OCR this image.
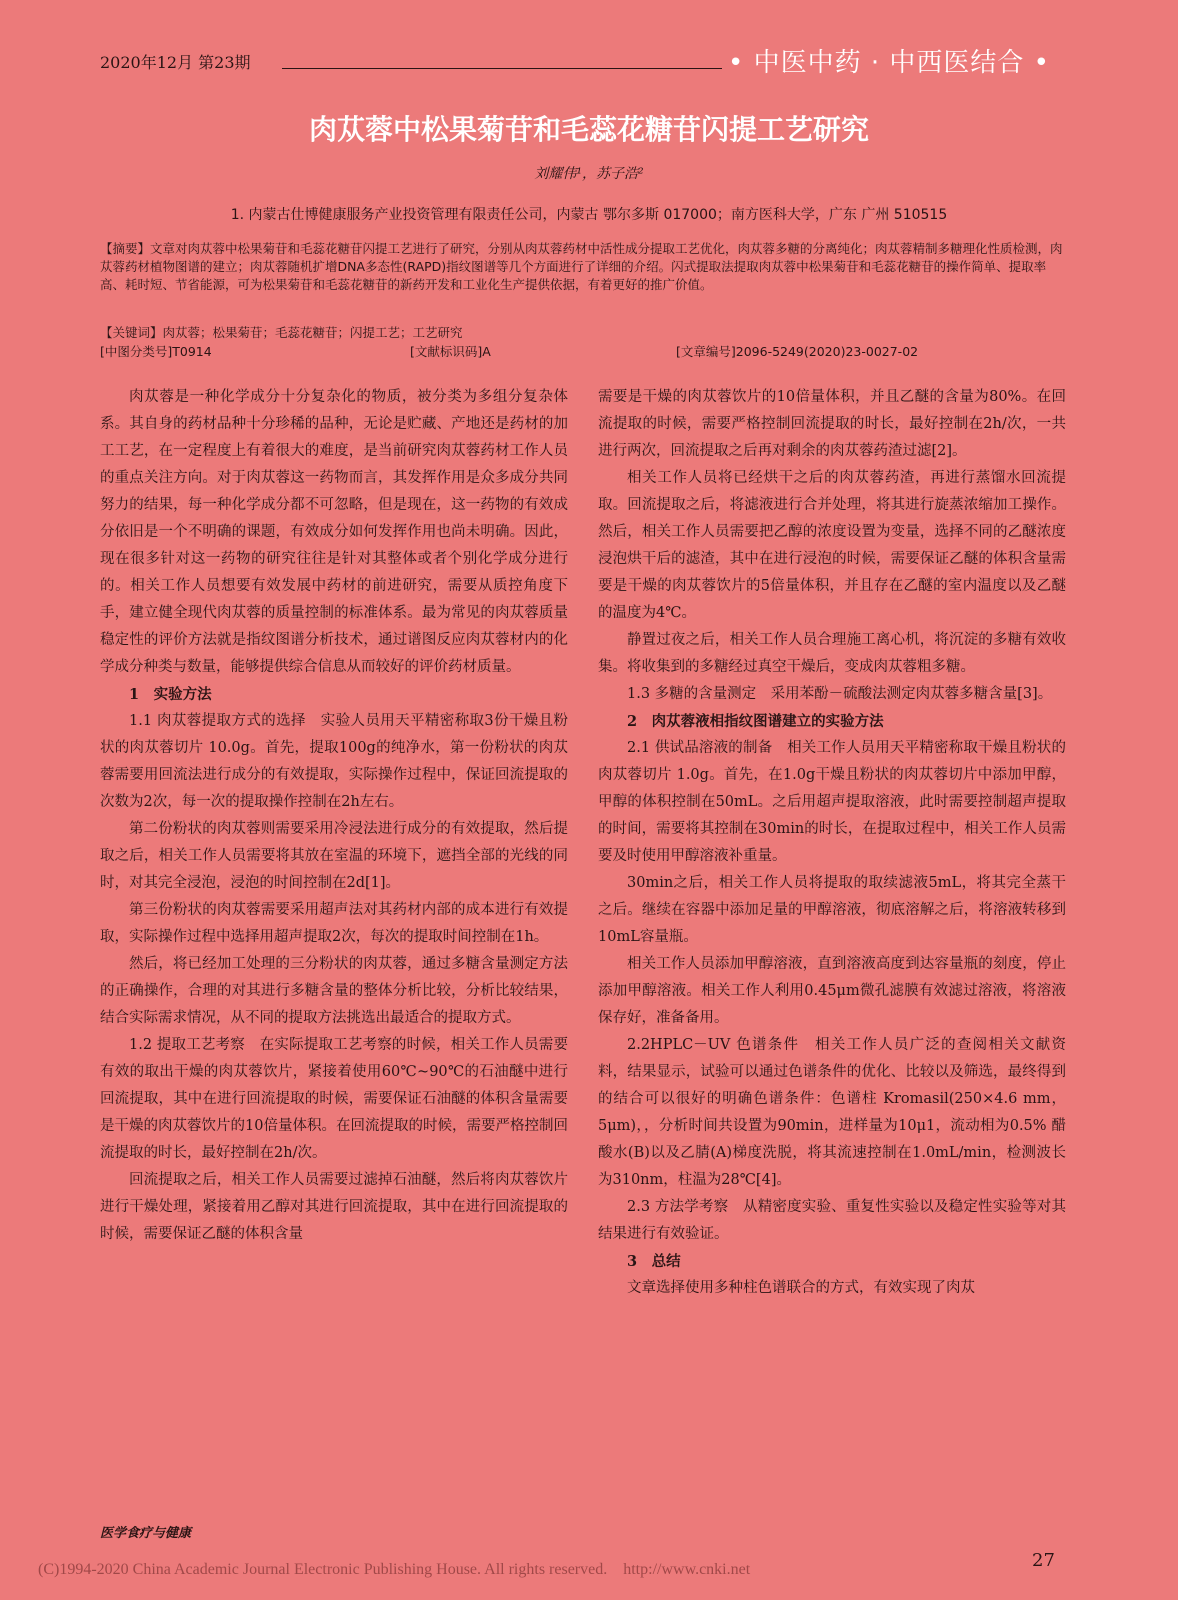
2020年12月 第23期	• 中医中药 · 中西医结合 •
肉苁蓉中松果菊苷和毛蕊花糖苷闪提工艺研究
刘耀伟¹，苏子浩²
1. 内蒙古仕博健康服务产业投资管理有限责任公司，内蒙古 鄂尔多斯 017000；南方医科大学，广东 广州 510515
【摘要】文章对肉苁蓉中松果菊苷和毛蕊花糖苷闪提工艺进行了研究，分别从肉苁蓉药材中活性成分提取工艺优化，肉苁蓉多糖的分离纯化；肉苁蓉精制多糖理化性质检测，肉苁蓉药材植物图谱的建立；肉苁蓉随机扩增DNA多态性(RAPD)指纹图谱等几个方面进行了详细的介绍。闪式提取法提取肉苁蓉中松果菊苷和毛蕊花糖苷的操作简单、提取率高、耗时短、节省能源，可为松果菊苷和毛蕊花糖苷的新药开发和工业化生产提供依据，有着更好的推广价值。
【关键词】肉苁蓉；松果菊苷；毛蕊花糖苷；闪提工艺；工艺研究
[中图分类号]T0914	[文献标识码]A	[文章编号]2096-5249(2020)23-0027-02

肉苁蓉是一种化学成分十分复杂化的物质，被分类为多组分复杂体系。其自身的药材品种十分珍稀的品种，无论是贮藏、产地还是药材的加工工艺，在一定程度上有着很大的难度，是当前研究肉苁蓉药材工作人员的重点关注方向。对于肉苁蓉这一药物而言，其发挥作用是众多成分共同努力的结果，每一种化学成分都不可忽略，但是现在，这一药物的有效成分依旧是一个不明确的课题，有效成分如何发挥作用也尚未明确。因此，现在很多针对这一药物的研究往往是针对其整体或者个别化学成分进行的。相关工作人员想要有效发展中药材的前进研究，需要从质控角度下手，建立健全现代肉苁蓉的质量控制的标准体系。最为常见的肉苁蓉质量稳定性的评价方法就是指纹图谱分析技术，通过谱图反应肉苁蓉材内的化学成分种类与数量，能够提供综合信息从而较好的评价药材质量。

1　实验方法

1.1 肉苁蓉提取方式的选择　实验人员用天平精密称取3份干燥且粉状的肉苁蓉切片 10.0g。首先，提取100g的纯净水，第一份粉状的肉苁蓉需要用回流法进行成分的有效提取，实际操作过程中，保证回流提取的次数为2次，每一次的提取操作控制在2h左右。

第二份粉状的肉苁蓉则需要采用冷浸法进行成分的有效提取，然后提取之后，相关工作人员需要将其放在室温的环境下，遮挡全部的光线的同时，对其完全浸泡，浸泡的时间控制在2d[1]。

第三份粉状的肉苁蓉需要采用超声法对其药材内部的成本进行有效提取，实际操作过程中选择用超声提取2次，每次的提取时间控制在1h。

然后，将已经加工处理的三分粉状的肉苁蓉，通过多糖含量测定方法的正确操作，合理的对其进行多糖含量的整体分析比较，分析比较结果，结合实际需求情况，从不同的提取方法挑选出最适合的提取方式。

1.2 提取工艺考察　在实际提取工艺考察的时候，相关工作人员需要有效的取出干燥的肉苁蓉饮片，紧接着使用60℃~90℃的石油醚中进行回流提取，其中在进行回流提取的时候，需要保证石油醚的体积含量需要是干燥的肉苁蓉饮片的10倍量体积。在回流提取的时候，需要严格控制回流提取的时长，最好控制在2h/次。

回流提取之后，相关工作人员需要过滤掉石油醚，然后将肉苁蓉饮片进行干燥处理，紧接着用乙醇对其进行回流提取，其中在进行回流提取的时候，需要保证乙醚的体积含量

需要是干燥的肉苁蓉饮片的10倍量体积，并且乙醚的含量为80%。在回流提取的时候，需要严格控制回流提取的时长，最好控制在2h/次，一共进行两次，回流提取之后再对剩余的肉苁蓉药渣过滤[2]。

相关工作人员将已经烘干之后的肉苁蓉药渣，再进行蒸馏水回流提取。回流提取之后，将滤液进行合并处理，将其进行旋蒸浓缩加工操作。然后，相关工作人员需要把乙醇的浓度设置为变量，选择不同的乙醚浓度浸泡烘干后的滤渣，其中在进行浸泡的时候，需要保证乙醚的体积含量需要是干燥的肉苁蓉饮片的5倍量体积，并且存在乙醚的室内温度以及乙醚的温度为4℃。

静置过夜之后，相关工作人员合理施工离心机，将沉淀的多糖有效收集。将收集到的多糖经过真空干燥后，变成肉苁蓉粗多糖。

1.3 多糖的含量测定　采用苯酚－硫酸法测定肉苁蓉多糖含量[3]。

2　肉苁蓉液相指纹图谱建立的实验方法

2.1 供试品溶液的制备　相关工作人员用天平精密称取干燥且粉状的肉苁蓉切片 1.0g。首先，在1.0g干燥且粉状的肉苁蓉切片中添加甲醇，甲醇的体积控制在50mL。之后用超声提取溶液，此时需要控制超声提取的时间，需要将其控制在30min的时长，在提取过程中，相关工作人员需要及时使用甲醇溶液补重量。

30min之后，相关工作人员将提取的取续滤液5mL，将其完全蒸干之后。继续在容器中添加足量的甲醇溶液，彻底溶解之后，将溶液转移到10mL容量瓶。

相关工作人员添加甲醇溶液，直到溶液高度到达容量瓶的刻度，停止添加甲醇溶液。相关工作人利用0.45μm微孔滤膜有效滤过溶液，将溶液保存好，准备备用。

2.2HPLC－UV 色谱条件　相关工作人员广泛的查阅相关文献资料，结果显示，试验可以通过色谱条件的优化、比较以及筛选，最终得到的结合可以很好的明确色谱条件：色谱柱 Kromasil(250×4.6 mm，5μm)，，分析时间共设置为90min，进样量为10μ1，流动相为0.5% 醋酸水(B)以及乙腈(A)梯度洗脱，将其流速控制在1.0mL/min，检测波长为310nm，柱温为28℃[4]。

2.3 方法学考察　从精密度实验、重复性实验以及稳定性实验等对其结果进行有效验证。

3　总结

文章选择使用多种柱色谱联合的方式，有效实现了肉苁

医学食疗与健康
(C)1994-2020 China Academic Journal Electronic Publishing House. All rights reserved.　http://www.cnki.net	27
